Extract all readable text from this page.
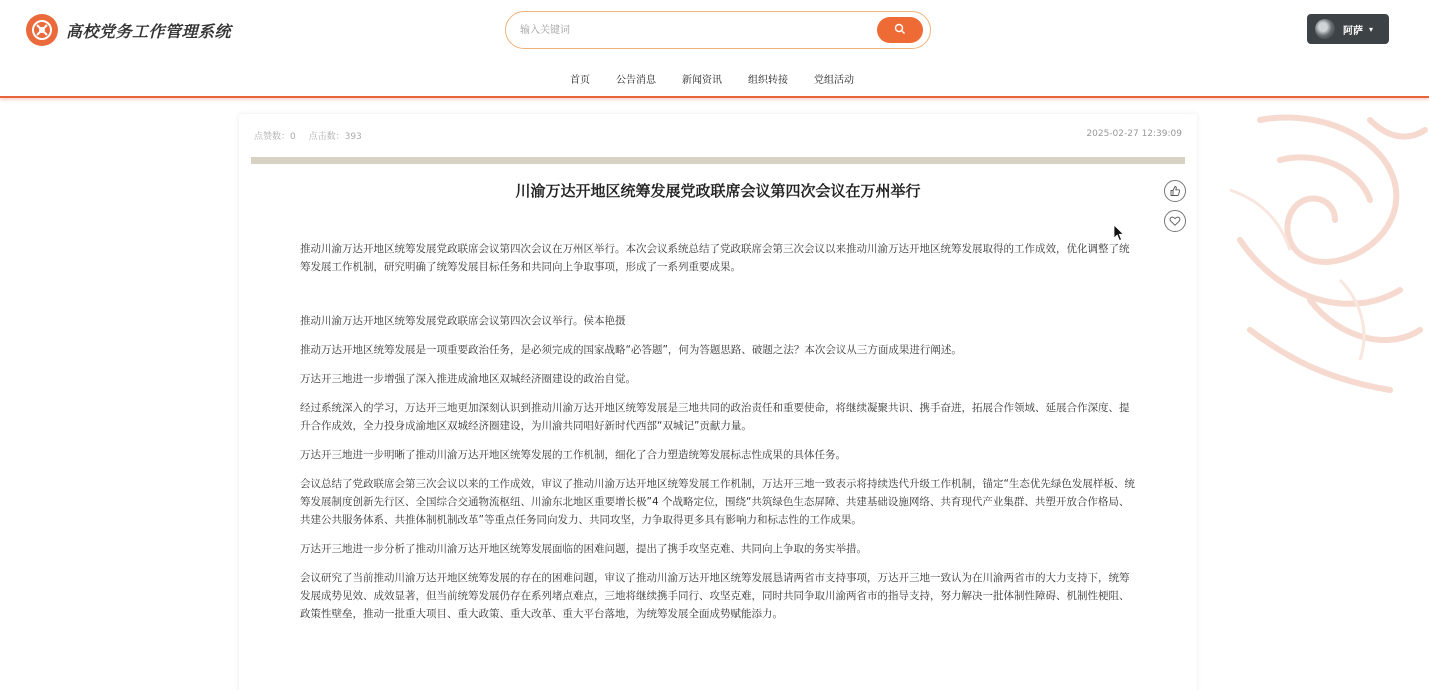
高校党务工作管理系统
输入关键词	阿萨 ▾
首页	公告消息	新闻资讯	组织转接	党组活动
点赞数：0 点击数：393	2025-02-27 12:39:09
川渝万达开地区统筹发展党政联席会议第四次会议在万州举行

推动川渝万达开地区统筹发展党政联席会议第四次会议在万州区举行。本次会议系统总结了党政联席会第三次会议以来推动川渝万达开地区统筹发展取得的工作成效，优化调整了统筹发展工作机制，研究明确了统筹发展目标任务和共同向上争取事项，形成了一系列重要成果。

推动川渝万达开地区统筹发展党政联席会议第四次会议举行。侯本艳摄

推动万达开地区统筹发展是一项重要政治任务，是必须完成的国家战略“必答题”，何为答题思路、破题之法？本次会议从三方面成果进行阐述。

万达开三地进一步增强了深入推进成渝地区双城经济圈建设的政治自觉。

经过系统深入的学习，万达开三地更加深刻认识到推动川渝万达开地区统筹发展是三地共同的政治责任和重要使命，将继续凝聚共识、携手奋进，拓展合作领域、延展合作深度、提升合作成效，全力投身成渝地区双城经济圈建设，为川渝共同唱好新时代西部“双城记”贡献力量。

万达开三地进一步明晰了推动川渝万达开地区统筹发展的工作机制，细化了合力塑造统筹发展标志性成果的具体任务。

会议总结了党政联席会第三次会议以来的工作成效，审议了推动川渝万达开地区统筹发展工作机制，万达开三地一致表示将持续迭代升级工作机制，锚定“生态优先绿色发展样板、统筹发展制度创新先行区、全国综合交通物流枢纽、川渝东北地区重要增长极”4 个战略定位，围绕“共筑绿色生态屏障、共建基础设施网络、共育现代产业集群、共塑开放合作格局、共建公共服务体系、共推体制机制改革”等重点任务同向发力、共同攻坚，力争取得更多具有影响力和标志性的工作成果。

万达开三地进一步分析了推动川渝万达开地区统筹发展面临的困难问题，提出了携手攻坚克难、共同向上争取的务实举措。

会议研究了当前推动川渝万达开地区统筹发展的存在的困难问题，审议了推动川渝万达开地区统筹发展恳请两省市支持事项，万达开三地一致认为在川渝两省市的大力支持下，统筹发展成势见效、成效显著，但当前统筹发展仍存在系列堵点难点，三地将继续携手同行、攻坚克难，同时共同争取川渝两省市的指导支持，努力解决一批体制性障碍、机制性梗阻、政策性壁垒，推动一批重大项目、重大政策、重大改革、重大平台落地，为统筹发展全面成势赋能添力。
